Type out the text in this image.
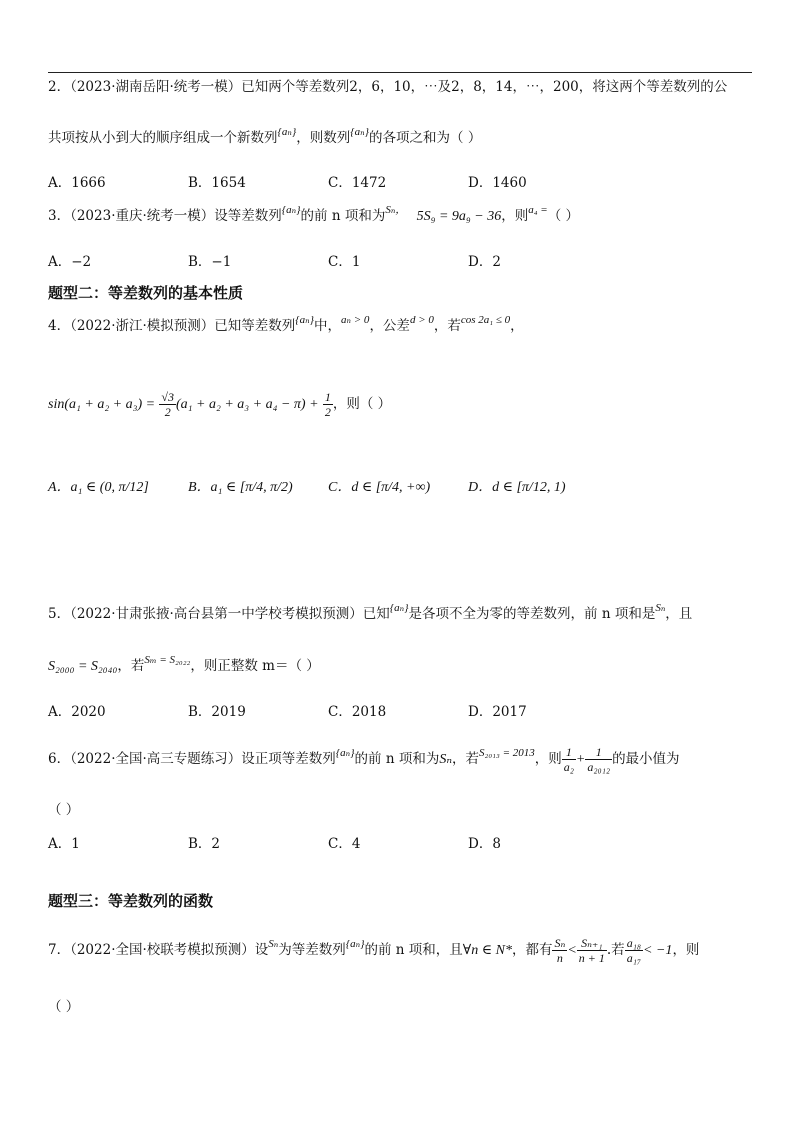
2．（2023·湖南岳阳·统考一模）已知两个等差数列2，6，10，⋯及2，8，14，⋯，200，将这两个等差数列的公
共项按从小到大的顺序组成一个新数列$^{\{a_n\}}$，则数列$^{\{a_n\}}$的各项之和为（ ）
A．1666	B．1654	C．1472	D．1460
3．（2023·重庆·统考一模）设等差数列$^{\{a_n\}}$的前 n 项和为$^{S_n,}$ 5S₉ = 9a₉ − 36，则$^{a_4 =}$（ ）
A．−2	B．−1	C．1	D．2
题型二：等差数列的基本性质
4．（2022·浙江·模拟预测）已知等差数列$^{\{a_n\}}$中，$^{a_n > 0}$，公差$^{d > 0}$，若$^{cos 2a_1 \le 0}$，
$\sin(a_1 + a_2 + a_3) = \frac{√3}{2} (a_1 + a_2 + a_3 + a_4 - \pi) + \frac{1}{2}$ ，则（ ）
A．a₁ ∈ (0, π/12]	B．a₁ ∈ [π/4, π/2)	C．d ∈ [π/4, +∞)	D．d ∈ [π/12, 1)
5．（2022·甘肃张掖·高台县第一中学校考模拟预测）已知$^{\{a_n\}}$是各项不全为零的等差数列，前 n 项和是$^{S_n}$，且
S₂₀₀₀ = S₂₀₄₀，若$^{S_m = S_{2022}}$，则正整数 m＝（ ）
A．2020	B．2019	C．2018	D．2017
6．（2022·全国·高三专题练习）设正项等差数列$^{\{a_n\}}$的前 n 项和为Sₙ，若$^{S_{2013} = 2013}$，则 $\frac{1}{\text{a₂}} + \frac{1}{\text{a₂₀₁₂}}$ 的最小值为
（ ）
A．1	B．2	C．4	D．8
题型三：等差数列的函数
7．（2022·全国·校联考模拟预测）设$^{S_n}$为等差数列$^{\{a_n\}}$的前 n 项和，且∀n ∈ N*，都有 $\frac{\text{Sₙ}}{n} < \frac{\text{Sₙ₊₁}}{n + 1}$ .若 $\frac{\text{a₁₈}}{\text{a₁₇}} < -1$，则
（ ）
